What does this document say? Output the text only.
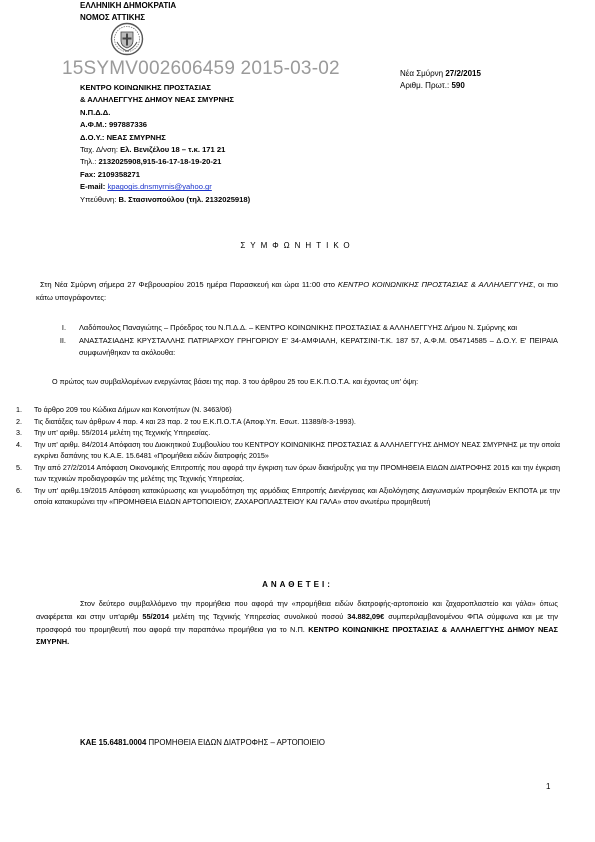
ΕΛΛΗΝΙΚΗ ΔΗΜΟΚΡΑΤΙΑ
ΝΟΜΟΣ ΑΤΤΙΚΗΣ
15SYMV002606459 2015-03-02	Νέα Σμύρνη 27/2/2015
Αριθμ. Πρωτ.: 590
ΚΕΝΤΡΟ ΚΟΙΝΩΝΙΚΗΣ ΠΡΟΣΤΑΣΙΑΣ
& ΑΛΛΗΛΕΓΓΥΗΣ ΔΗΜΟΥ ΝΕΑΣ ΣΜΥΡΝΗΣ
Ν.Π.Δ.Δ.
Α.Φ.Μ.: 997887336
Δ.Ο.Υ.: ΝΕΑΣ ΣΜΥΡΝΗΣ
Ταχ. Δ/νση: Ελ. Βενιζέλου 18 – τ.κ. 171 21
Τηλ.: 2132025908,915-16-17-18-19-20-21
Fax: 2109358271
E-mail: kpagogis.dnsmyrnis@yahoo.gr
Υπεύθυνη: Β. Στασινοπούλου (τηλ. 2132025918)
ΣΥΜΦΩΝΗΤΙΚΟ
Στη Νέα Σμύρνη σήμερα 27 Φεβρουαρίου 2015 ημέρα Παρασκευή και ώρα 11:00 στο ΚΕΝΤΡΟ ΚΟΙΝΩΝΙΚΗΣ ΠΡΟΣΤΑΣΙΑΣ & ΑΛΛΗΛΕΓΓΥΗΣ, οι πιο κάτω υπογράφοντες:
I. Λαδόπουλος Παναγιώτης – Πρόεδρος του Ν.Π.Δ.Δ. – ΚΕΝΤΡΟ ΚΟΙΝΩΝΙΚΗΣ ΠΡΟΣΤΑΣΙΑΣ & ΑΛΛΗΛΕΓΓΥΗΣ Δήμου Ν. Σμύρνης και
II. ΑΝΑΣΤΑΣΙΑΔΗΣ ΚΡΥΣΤΑΛΛΗΣ ΠΑΤΡΙΑΡΧΟΥ ΓΡΗΓΟΡΙΟΥ Ε' 34-ΑΜΦΙΑΛΗ, ΚΕΡΑΤΣΙΝΙ-Τ.Κ. 187 57, Α.Φ.Μ. 054714585 – Δ.Ο.Υ. Ε' ΠΕΙΡΑΙΑ συμφωνήθηκαν τα ακόλουθα:
Ο πρώτος των συμβαλλομένων ενεργώντας βάσει της παρ. 3 του άρθρου 25 του Ε.Κ.Π.Ο.Τ.Α. και έχοντας υπ' όψη:
1. Το άρθρο 209 του Κώδικα Δήμων και Κοινοτήτων (Ν. 3463/06)
2. Τις διατάξεις των άρθρων 4 παρ. 4 και 23 παρ. 2 του Ε.Κ.Π.Ο.Τ.Α (Αποφ.Υπ. Εσωτ. 11389/8-3-1993).
3. Την υπ' αριθμ. 55/2014 μελέτη της Τεχνικής Υπηρεσίας.
4. Την υπ' αριθμ. 84/2014 Απόφαση του Διοικητικού Συμβουλίου του ΚΕΝΤΡΟΥ ΚΟΙΝΩΝΙΚΗΣ ΠΡΟΣΤΑΣΙΑΣ & ΑΛΛΗΛΕΓΓΥΗΣ ΔΗΜΟΥ ΝΕΑΣ ΣΜΥΡΝΗΣ με την οποία εγκρίνει δαπάνης του Κ.Α.Ε. 15.6481 «Προμήθεια ειδών διατροφής 2015»
5. Την από 27/2/2014 Απόφαση Οικονομικής Επιτροπής που αφορά την έγκριση των όρων διακήρυξης για την ΠΡΟΜΗΘΕΙΑ ΕΙΔΩΝ ΔΙΑΤΡΟΦΗΣ 2015 και την έγκριση των τεχνικών προδιαγραφών της μελέτης της Τεχνικής Υπηρεσίας.
6. Την υπ' αριθμ.19/2015 Απόφαση κατακύρωσης και γνωμοδότηση της αρμόδιας Επιτροπής Διενέργειας και Αξιολόγησης Διαγωνισμών προμηθειών ΕΚΠΟΤΑ με την οποία κατακυρώνει την «ΠΡΟΜΗΘΕΙΑ ΕΙΔΩΝ ΑΡΤΟΠΟΙΕΙΟΥ, ΖΑΧΑΡΟΠΛΑΣΤΕΙΟΥ ΚΑΙ ΓΑΛΑ» στον ανωτέρω προμηθευτή
ΑΝΑΘΕΤΕΙ:
Στον δεύτερο συμβαλλόμενο την προμήθεια που αφορά την «προμήθεια ειδών διατροφής-αρτοποιείο και ζαχαροπλαστείο και γάλα» όπως αναφέρεται και στην υπ'αριθμ 55/2014 μελέτη της Τεχνικής Υπηρεσίας συνολικού ποσού 34.882,09€ συμπεριλαμβανομένου ΦΠΑ σύμφωνα και με την προσφορά του προμηθευτή που αφορά την παραπάνω προμήθεια για το Ν.Π. ΚΕΝΤΡΟ ΚΟΙΝΩΝΙΚΗΣ ΠΡΟΣΤΑΣΙΑΣ & ΑΛΛΗΛΕΓΓΥΗΣ ΔΗΜΟΥ ΝΕΑΣ ΣΜΥΡΝΗ.
ΚΑΕ 15.6481.0004 ΠΡΟΜΗΘΕΙΑ ΕΙΔΩΝ ΔΙΑΤΡΟΦΗΣ – ΑΡΤΟΠΟΙΕΙΟ
1
